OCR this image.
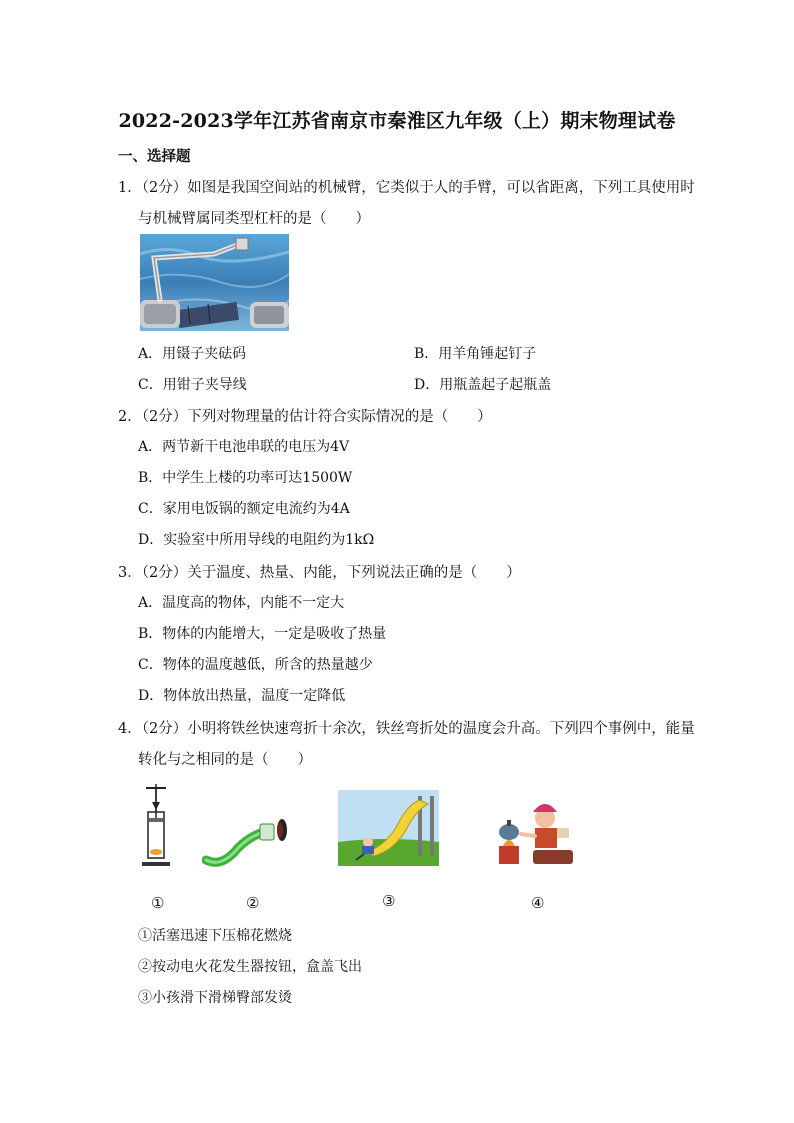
2022-2023学年江苏省南京市秦淮区九年级（上）期末物理试卷
一、选择题
1．（2分）如图是我国空间站的机械臂，它类似于人的手臂，可以省距离，下列工具使用时
与机械臂属同类型杠杆的是（　　）
A．用镊子夹砝码	B．用羊角锤起钉子
C．用钳子夹导线	D．用瓶盖起子起瓶盖
2．（2分）下列对物理量的估计符合实际情况的是（　　）
A．两节新干电池串联的电压为4V
B．中学生上楼的功率可达1500W
C．家用电饭锅的额定电流约为4A
D．实验室中所用导线的电阻约为1kΩ
3．（2分）关于温度、热量、内能，下列说法正确的是（　　）
A．温度高的物体，内能不一定大
B．物体的内能增大，一定是吸收了热量
C．物体的温度越低，所含的热量越少
D．物体放出热量，温度一定降低
4．（2分）小明将铁丝快速弯折十余次，铁丝弯折处的温度会升高。下列四个事例中，能量
转化与之相同的是（　　）
①	②	③	④
①活塞迅速下压棉花燃烧
②按动电火花发生器按钮，盒盖飞出
③小孩滑下滑梯臀部发烫
